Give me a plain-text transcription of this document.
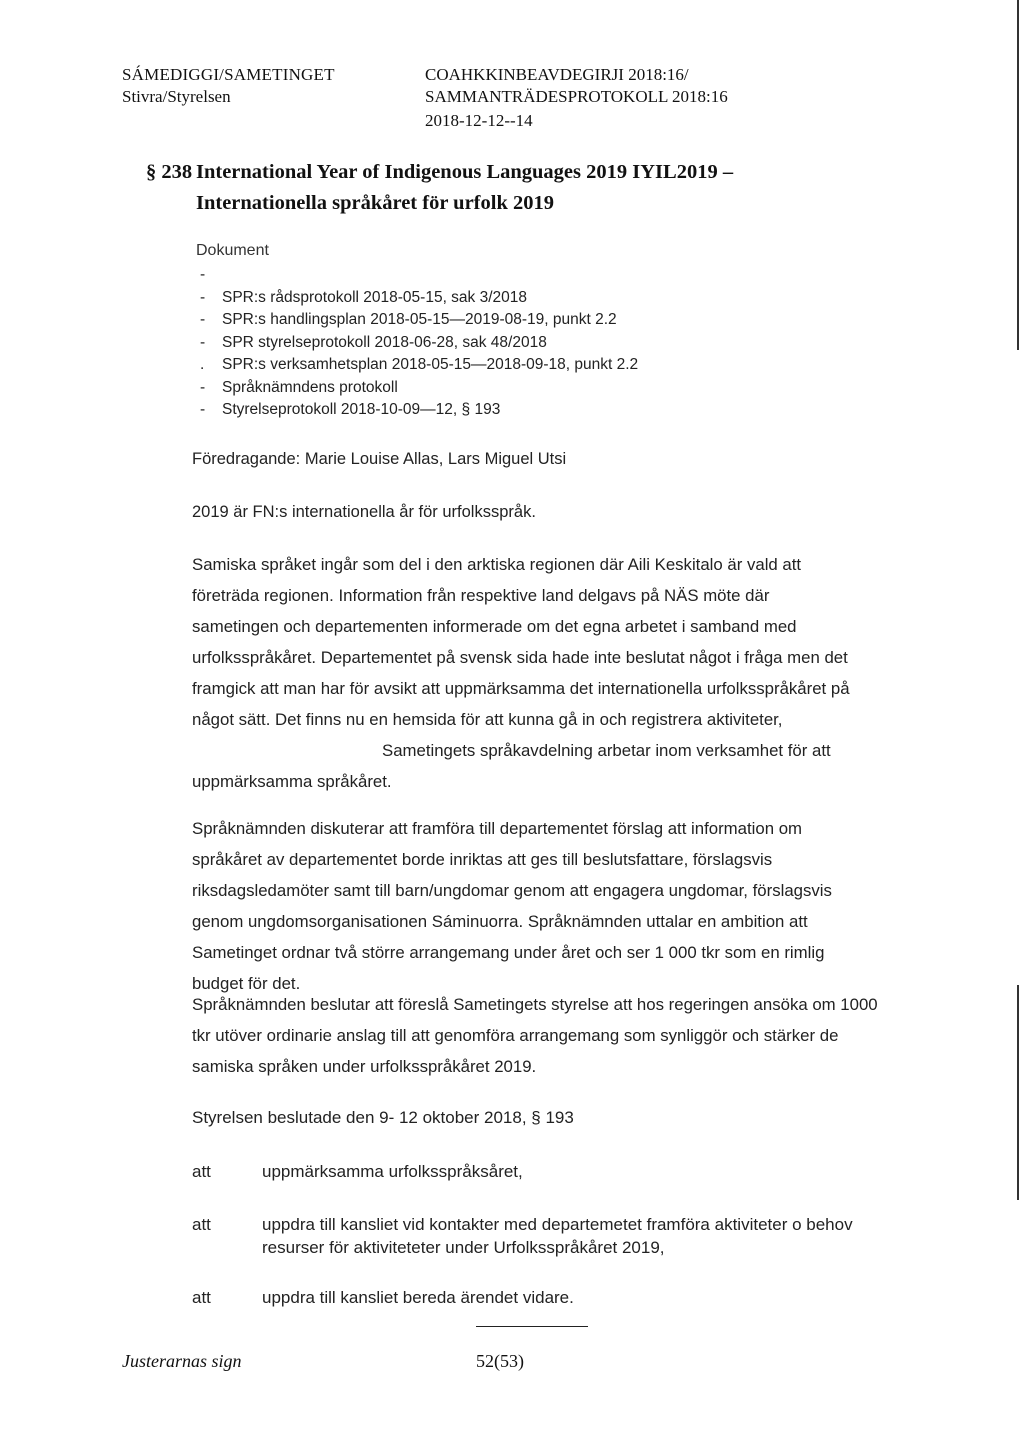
SÁMEDIGGI/SAMETINGET
Stivra/Styrelsen
COAHKKINBEAVDEGIRJI 2018:16/
SAMMANTRÄDESPROTOKOLL 2018:16
2018-12-12--14
§ 238 International Year of Indigenous Languages 2019 IYIL2019 –
Internationella språkåret för urfolk 2019
Dokument
-
-	SPR:s rådsprotokoll 2018-05-15, sak 3/2018
-	SPR:s handlingsplan 2018-05-15—2019-08-19, punkt 2.2
-	SPR styrelseprotokoll 2018-06-28, sak 48/2018
.	SPR:s verksamhetsplan 2018-05-15—2018-09-18, punkt 2.2
-	Språknämndens protokoll
-	Styrelseprotokoll 2018-10-09—12, § 193
Föredragande: Marie Louise Allas, Lars Miguel Utsi
2019 är FN:s internationella år för urfolksspråk.
Samiska språket ingår som del i den arktiska regionen där Aili Keskitalo är vald att
företräda regionen. Information från respektive land delgavs på NÄS möte där
sametingen och departementen informerade om det egna arbetet i samband med
urfolksspråkåret. Departementet på svensk sida hade inte beslutat något i fråga men det
framgick att man har för avsikt att uppmärksamma det internationella urfolksspråkåret på
något sätt. Det finns nu en hemsida för att kunna gå in och registrera aktiviteter,
Sametingets språkavdelning arbetar inom verksamhet för att
uppmärksamma språkåret.
Språknämnden diskuterar att framföra till departementet förslag att information om
språkåret av departementet borde inriktas att ges till beslutsfattare, förslagsvis
riksdagsledamöter samt till barn/ungdomar genom att engagera ungdomar, förslagsvis
genom ungdomsorganisationen Sáminuorra. Språknämnden uttalar en ambition att
Sametinget ordnar två större arrangemang under året och ser 1 000 tkr som en rimlig
budget för det.
Språknämnden beslutar att föreslå Sametingets styrelse att hos regeringen ansöka om 1000
tkr utöver ordinarie anslag till att genomföra arrangemang som synliggör och stärker de
samiska språken under urfolksspråkåret 2019.
Styrelsen beslutade den 9- 12 oktober 2018, § 193
att	uppmärksamma urfolksspråksåret,
att	uppdra till kansliet vid kontakter med departemetet framföra aktiviteter o behov
resurser för aktiviteteter under Urfolksspråkåret 2019,
att	uppdra till kansliet bereda ärendet vidare.
Justerarnas sign	52(53)
